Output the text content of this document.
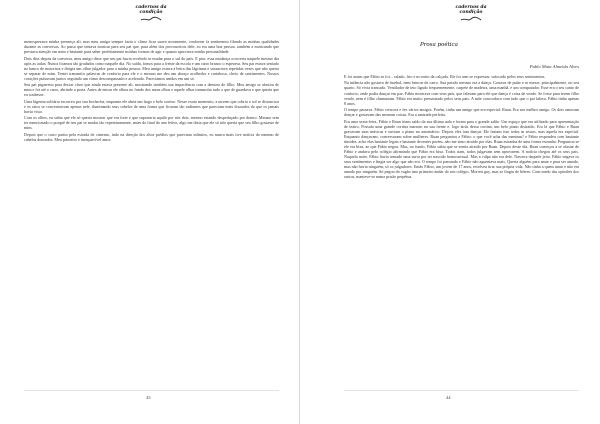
cadernos da
condição

menosprezava minha presença ali, mas meu amigo sempre fazia o clima ficar suave novamente, conforme fa sentimento filando as minhas qualidades durante as conversas. Ao passo que tentava mostrar para seu pai que, para além dos preconceitos dele, eu era uma boa pessoa, também a mostrando que prestava atenção em mim e bastante para saber perfeitamente minhas formas de agir e quanto apreciava minha personalidade.

Dois dias depois da conversa, meu amigo disse que seu pai havia recebido se mudar para o sul do país. E pior, essa mudança ocorreria naquele mesmo dia após as aulas. Nunca ficamos tão grudados como naquele dia. No saída, fomos para a frente da escola e um carro branco o esperava. Seu pai estava sentado no banco de motorista e dirigia um olhar julgador para a minha pessoa. Meu amigo estava à beira das lágrimas e sussurrava repetidas vezes que não queria se separar de mim. Tentei transmitir palavras de conforto para ele e o mesmo me deu um abraço acolhedor e carinhoso, cheio de sentimentos. Nossos corações pulsavam juntos seguindo um ritmo descompassado e acelerado. Parecíamos unidos em um só.

Seu pai pigarreou para deixar claro que ainda estava presente ali, mostrando também sua impaciência com a demora do filho. Meu amigo se afastou de mim e foi até o carro, abrindo a porta. Antes de entrar ele olhou no fundo dos meus olhos e aquele olhar transmitia tudo o que de guardava e que queria que eu soubesse.

Uma lágrima solitária escorreu por sua bochecha, enquanto ele abria um largo e belo sorriso. Nesse exato momento, a nuvem que cobria o sol se distanciou e os raios se concentravam apenas nele, iluminando seus cabelos de uma forma que ficaram tão radiantes que pareciam mais dourados do que os jamais havia visto.

Com os olhos, eu sabia que ele só queria mostrar que era forte e que suportaria aquilo por nós dois, mesmo estando despedaçado por dentro. Mesmo sem ter mencionado o porquê de seu pai se mudar tão repentinamente, antes do final do ano letivo, algo me dizia que ele só não queria que seu filho gostasse de mim.

Depois que o carro partiu pela estrada de cimento, indo na direção dos altos prédios que pareciam infinitos, eu nunca mais tive notícia do menino de cabelos dourados. Meu primeiro e inesquecível amor.

43
cadernos da
condição
Prosa poética
Pablo Maia Almeida Alves

E foi assim que Fábio se foi... calado, frio e no meio da calçada. Ele foi sem se expressar, sufocado pelos seus sentimentos.

Na infância não gostava de futebol, nem brincar de carro. Sua paixão mesmo era a dança. Gostava de pular e se mexer, principalmente, no seu quarto. Só vivia trancado. Ventilador de teto ligado frequentemente, carpete de madeira, uma manhã, e um computador. Esse era o seu canto de conforto, onde podia dançar em paz. Fábio mostrava com seus pais, que falavam para ele que dança é coisa de veado. Se fosse para terem filho veado, nem é filho chamariam. Fábio era muito pressionado pelos seus pais. A mãe concordava com tudo que o pai falava. Fábio tinha apenas 8 anos.

O tempo passava. Fábio crescera e fez vários amigos. Porém, tinha um amigo que era especial: Ruan. Era seu melhor amigo. Os dois amavam dançar e gostavam das mesmas coisas. Era a amizade perfeita.

Era uma sexta-feira, Fábio e Ruan iriam saído da sua última aula e foram para o grande salão. Um espaço que era utilizado para apresentação de teatro. Possuía uma grande cortina marrom na sua frente e, logo atrás dessa cortina, um belo piano distraído. Era lá que Fábio e Ruan gravavam suas músicas e ouviam o piano no automático. Depois eles iam dançar. Ele faziam isso todas as sextas, mas aquela era especial. Enquanto dançavam, conversavam sobre mulheres. Ruan perguntou a Fábio: o que você acha das meninas? e Fábio respondeu com bastante timidez: acho elas bastante legais e bastante decentes porém, não me sinto atraído por elas. Ruan estranha de uma forma estranha. Perguntou se ele era bixa, ao que Fábio negou. Mas, no fundo, Fábio sabia que se sentia atraído por Ruan. Depois desse dia, Ruan começou a se afastar de Fábio e andava pelo colégio afirmando que Fábio era bixa. Todos riam, todos julgavam sem aprovarem. A notícia chegou até os seus pais. Naquela noite, Fábio havia tomado uma surra por ter nascido homossexual. Mas a culpa não era dele. Nascera daquele jeito. Fábio negava os seus sentimentos e fingia ser algo que não era. O tempo foi passando e Fábio não aguentava mais. Queria alguém para amar e para ser amado, mas não havia ninguém, só os julgadores. Então Fábio, um jovem de 17 anos, resolveu tirar sua própria vida. Não tinha a quem amar e não era amado por ninguém. Só pegou do vagão imo primeiro andar do seu colégio. Morreu gay, mas se fingiu de hétero. Com medo das opiniões dos outros, manteve-se numa prisão perpétua.

44
